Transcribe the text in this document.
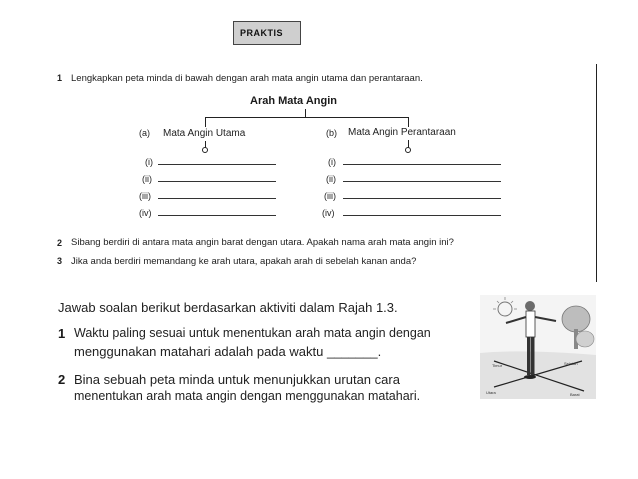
PRAKTIS
1 Lengkapkan peta minda di bawah dengan arah mata angin utama dan perantaraan.
Arah Mata Angin
(a) Mata Angin Utama	(b) Mata Angin Perantaraan
(i)
(ii)
(iii)
(iv)
(i)
(ii)
(iii)
(iv)
2 Sibang berdiri di antara mata angin barat dengan utara. Apakah nama arah mata angin ini?
3 Jika anda berdiri memandang ke arah utara, apakah arah di sebelah kanan anda?
Jawab soalan berikut berdasarkan aktiviti dalam Rajah 1.3.
1 Waktu paling sesuai untuk menentukan arah mata angin dengan
menggunakan matahari adalah pada waktu _______.
2 Bina sebuah peta minda untuk menunjukkan urutan cara
menentukan arah mata angin dengan menggunakan matahari.
Timur	Selatan
Utara	Barat
